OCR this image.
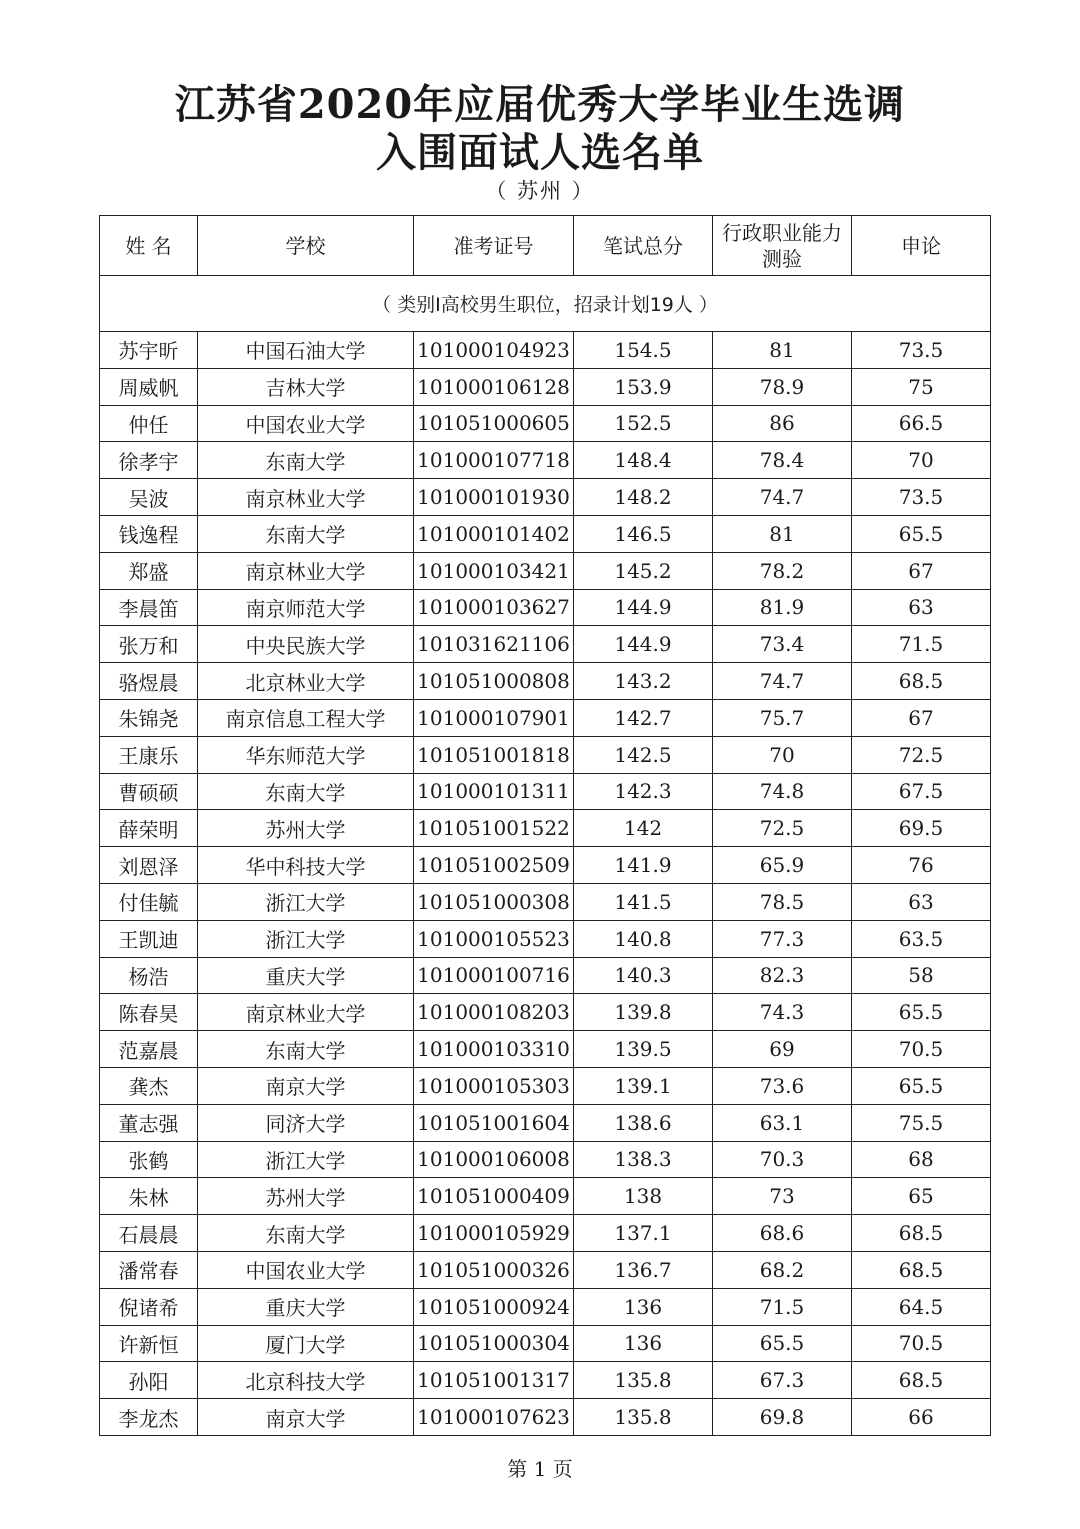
江苏省2020年应届优秀大学毕业生选调
入围面试人选名单
（ 苏州 ）
姓 名	学校	准考证号	笔试总分	行政职业能力测验	申论
（ 类别I高校男生职位，招录计划19人 ）					
苏宇昕	中国石油大学	101000104923	154.5	81	73.5
周威帆	吉林大学	101000106128	153.9	78.9	75
仲任	中国农业大学	101051000605	152.5	86	66.5
徐孝宇	东南大学	101000107718	148.4	78.4	70
吴波	南京林业大学	101000101930	148.2	74.7	73.5
钱逸程	东南大学	101000101402	146.5	81	65.5
郑盛	南京林业大学	101000103421	145.2	78.2	67
李晨笛	南京师范大学	101000103627	144.9	81.9	63
张万和	中央民族大学	101031621106	144.9	73.4	71.5
骆煜晨	北京林业大学	101051000808	143.2	74.7	68.5
朱锦尧	南京信息工程大学	101000107901	142.7	75.7	67
王康乐	华东师范大学	101051001818	142.5	70	72.5
曹硕硕	东南大学	101000101311	142.3	74.8	67.5
薛荣明	苏州大学	101051001522	142	72.5	69.5
刘恩泽	华中科技大学	101051002509	141.9	65.9	76
付佳毓	浙江大学	101051000308	141.5	78.5	63
王凯迪	浙江大学	101000105523	140.8	77.3	63.5
杨浩	重庆大学	101000100716	140.3	82.3	58
陈春昊	南京林业大学	101000108203	139.8	74.3	65.5
范嘉晨	东南大学	101000103310	139.5	69	70.5
龚杰	南京大学	101000105303	139.1	73.6	65.5
董志强	同济大学	101051001604	138.6	63.1	75.5
张鹤	浙江大学	101000106008	138.3	70.3	68
朱林	苏州大学	101051000409	138	73	65
石晨晨	东南大学	101000105929	137.1	68.6	68.5
潘常春	中国农业大学	101051000326	136.7	68.2	68.5
倪诸希	重庆大学	101051000924	136	71.5	64.5
许新恒	厦门大学	101051000304	136	65.5	70.5
孙阳	北京科技大学	101051001317	135.8	67.3	68.5
李龙杰	南京大学	101000107623	135.8	69.8	66
第 1 页
